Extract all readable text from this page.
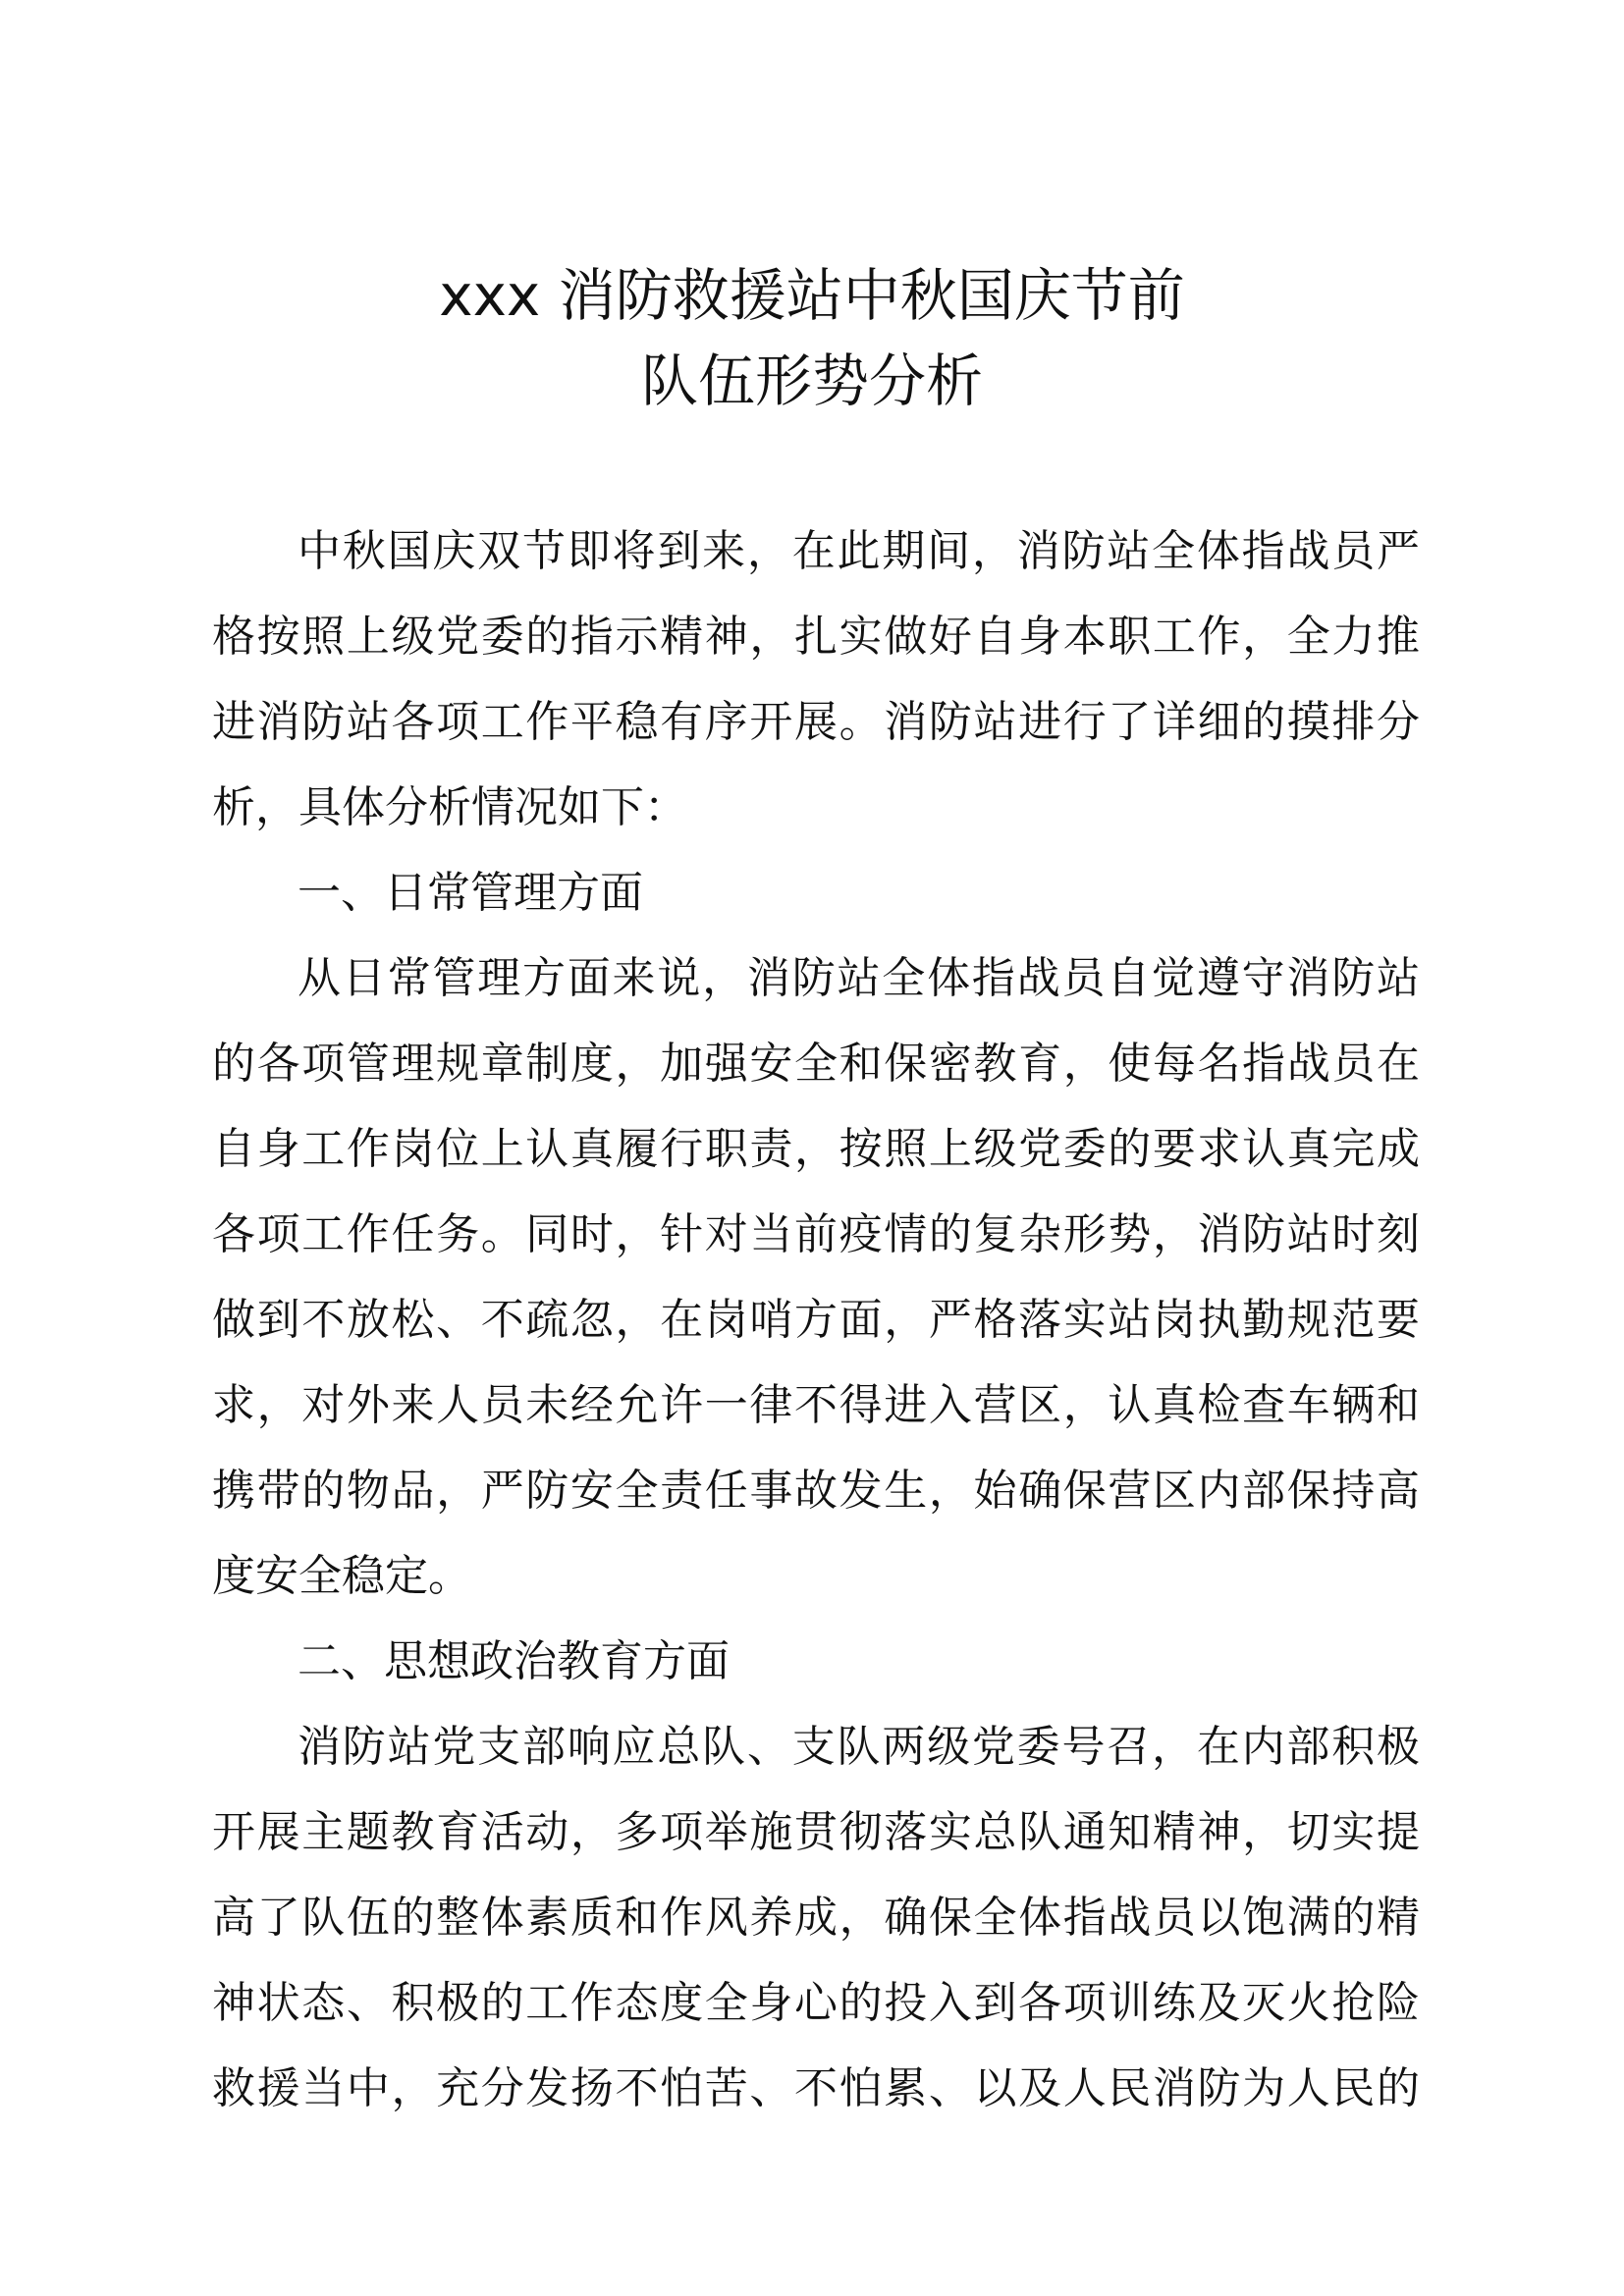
xxx 消防救援站中秋国庆节前
队伍形势分析
中秋国庆双节即将到来，在此期间，消防站全体指战员严
格按照上级党委的指示精神，扎实做好自身本职工作，全力推
进消防站各项工作平稳有序开展。消防站进行了详细的摸排分
析，具体分析情况如下：
一、日常管理方面
从日常管理方面来说，消防站全体指战员自觉遵守消防站
的各项管理规章制度，加强安全和保密教育，使每名指战员在
自身工作岗位上认真履行职责，按照上级党委的要求认真完成
各项工作任务。同时，针对当前疫情的复杂形势，消防站时刻
做到不放松、不疏忽，在岗哨方面，严格落实站岗执勤规范要
求，对外来人员未经允许一律不得进入营区，认真检查车辆和
携带的物品，严防安全责任事故发生，始确保营区内部保持高
度安全稳定。
二、思想政治教育方面
消防站党支部响应总队、支队两级党委号召，在内部积极
开展主题教育活动，多项举施贯彻落实总队通知精神，切实提
高了队伍的整体素质和作风养成，确保全体指战员以饱满的精
神状态、积极的工作态度全身心的投入到各项训练及灭火抢险
救援当中，充分发扬不怕苦、不怕累、以及人民消防为人民的
